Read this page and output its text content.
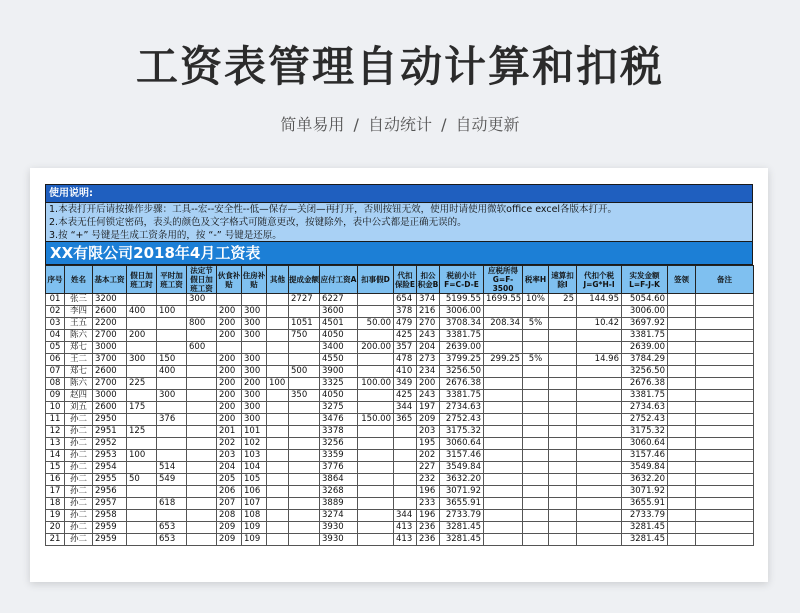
工资表管理自动计算和扣税
简单易用 / 自动统计 / 自动更新
使用说明:
1.本表打开后请按操作步骤：工具--宏--安全性--低—保存—关闭—再打开，否则按钮无效，使用时请使用微软office excel各版本打开。
2.本表无任何锁定密码，表头的颜色及文字格式可随意更改，按键除外，表中公式都是正确无误的。
3.按 “+” 号键是生成工资条用的，按 “-” 号键是还原。
XX有限公司2018年4月工资表
序号	姓名	基本工资	假日加班工时	平时加班工资	法定节假日加班工资	伙食补贴	住房补贴	其他	提成金额	应付工资A	扣事假D	代扣保险E	扣公积金B	税前小计F=C-D-E	应税所得G=F-3500	税率H	速算扣除I	代扣个税J=G*H-I	实发金额L=F-J-K	签领	备注
01	张三	3200			300				2727	6227		654	374	5199.55	1699.55	10%	25	144.95	5054.60		
02	李四	2600	400	100		200	300			3600		378	216	3006.00					3006.00		
03	王五	2200			800	200	300		1051	4501	50.00	479	270	3708.34	208.34	5%		10.42	3697.92		
04	陈六	2700	200			200	300		750	4050		425	243	3381.75					3381.75		
05	郑七	3000			600					3400	200.00	357	204	2639.00					2639.00		
06	王二	3700	300	150		200	300			4550		478	273	3799.25	299.25	5%		14.96	3784.29		
07	郑七	2600		400		200	300		500	3900		410	234	3256.50					3256.50		
08	陈六	2700	225			200	200	100		3325	100.00	349	200	2676.38					2676.38		
09	赵四	3000		300		200	300		350	4050		425	243	3381.75					3381.75		
10	刘五	2600	175			200	300			3275		344	197	2734.63					2734.63		
11	孙二	2950		376		200	300			3476	150.00	365	209	2752.43					2752.43		
12	孙二	2951	125			201	101			3378			203	3175.32					3175.32		
13	孙二	2952				202	102			3256			195	3060.64					3060.64		
14	孙二	2953	100			203	103			3359			202	3157.46					3157.46		
15	孙二	2954		514		204	104			3776			227	3549.84					3549.84		
16	孙二	2955	50	549		205	105			3864			232	3632.20					3632.20		
17	孙二	2956				206	106			3268			196	3071.92					3071.92		
18	孙二	2957		618		207	107			3889			233	3655.91					3655.91		
19	孙二	2958				208	108			3274		344	196	2733.79					2733.79		
20	孙二	2959		653		209	109			3930		413	236	3281.45					3281.45		
21	孙二	2959		653		209	109			3930		413	236	3281.45					3281.45		
